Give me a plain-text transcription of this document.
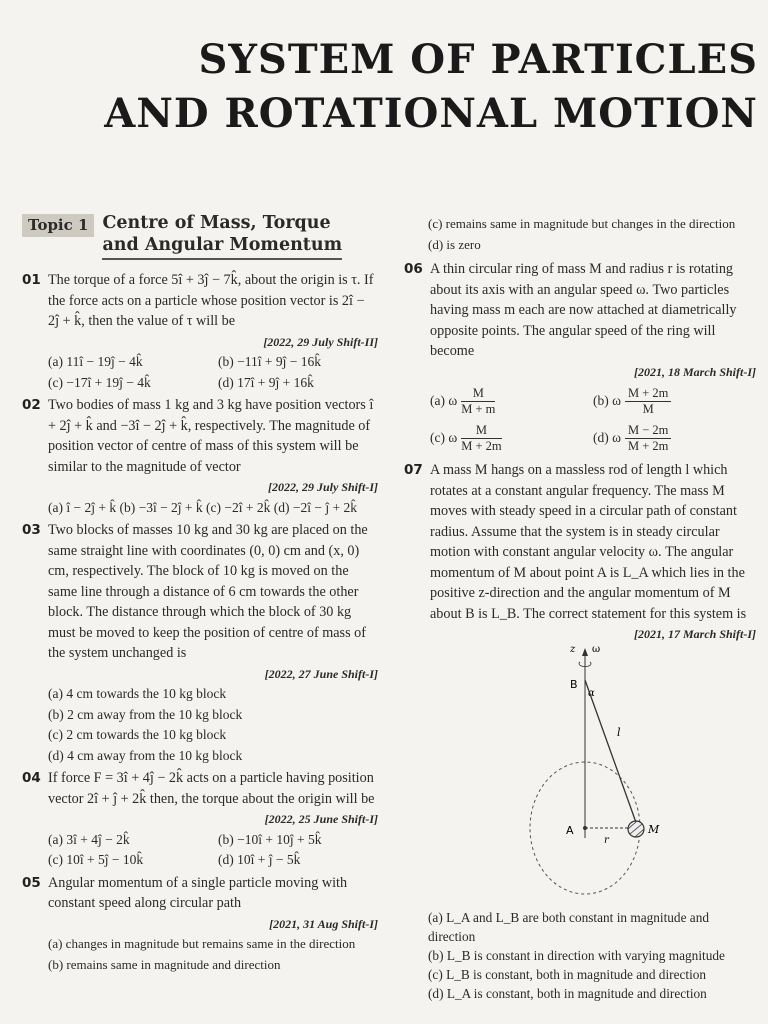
SYSTEM OF PARTICLES
AND ROTATIONAL MOTION
Topic 1 Centre of Mass, Torque
and Angular Momentum
01 The torque of a force 5î + 3ĵ − 7k̂, about the origin is τ. If the force acts on a particle whose position vector is 2î − 2ĵ + k̂, then the value of τ will be
[2022, 29 July Shift-II]
(a) 11î − 19ĵ − 4k̂	(b) −11î + 9ĵ − 16k̂
(c) −17î + 19ĵ − 4k̂	(d) 17î + 9ĵ + 16k̂
02 Two bodies of mass 1 kg and 3 kg have position vectors î + 2ĵ + k̂ and −3î − 2ĵ + k̂, respectively. The magnitude of position vector of centre of mass of this system will be similar to the magnitude of vector
[2022, 29 July Shift-I]
(a) î − 2ĵ + k̂ (b) −3î − 2ĵ + k̂ (c) −2î + 2k̂ (d) −2î − ĵ + 2k̂
03 Two blocks of masses 10 kg and 30 kg are placed on the same straight line with coordinates (0, 0) cm and (x, 0) cm, respectively. The block of 10 kg is moved on the same line through a distance of 6 cm towards the other block. The distance through which the block of 30 kg must be moved to keep the position of centre of mass of the system unchanged is
[2022, 27 June Shift-I]
(a) 4 cm towards the 10 kg block
(b) 2 cm away from the 10 kg block
(c) 2 cm towards the 10 kg block
(d) 4 cm away from the 10 kg block
04 If force F = 3î + 4ĵ − 2k̂ acts on a particle having position vector 2î + ĵ + 2k̂ then, the torque about the origin will be
[2022, 25 June Shift-I]
(a) 3î + 4ĵ − 2k̂	(b) −10î + 10ĵ + 5k̂
(c) 10î + 5ĵ − 10k̂	(d) 10î + ĵ − 5k̂
05 Angular momentum of a single particle moving with constant speed along circular path
[2021, 31 Aug Shift-I]
(a) changes in magnitude but remains same in the direction
(b) remains same in magnitude and direction
(c) remains same in magnitude but changes in the direction
(d) is zero
06 A thin circular ring of mass M and radius r is rotating about its axis with an angular speed ω. Two particles having mass m each are now attached at diametrically opposite points. The angular speed of the ring will become
[2021, 18 March Shift-I]
(a) ω $\frac{M}{M + m}$	(b) ω $\frac{M + 2m}{M}$
(c) ω $\frac{M}{M + 2m}$	(d) ω $\frac{M - 2m}{M + 2m}$
07 A mass M hangs on a massless rod of length l which rotates at a constant angular frequency. The mass M moves with steady speed in a circular path of constant radius. Assume that the system is in steady circular motion with constant angular velocity ω. The angular momentum of M about point A is L_A which lies in the positive z-direction and the angular momentum of M about B is L_B. The correct statement for this system is
[2021, 17 March Shift-I]
z ω
B
α
l
A
r
M
(a) L_A and L_B are both constant in magnitude and direction
(b) L_B is constant in direction with varying magnitude
(c) L_B is constant, both in magnitude and direction
(d) L_A is constant, both in magnitude and direction
